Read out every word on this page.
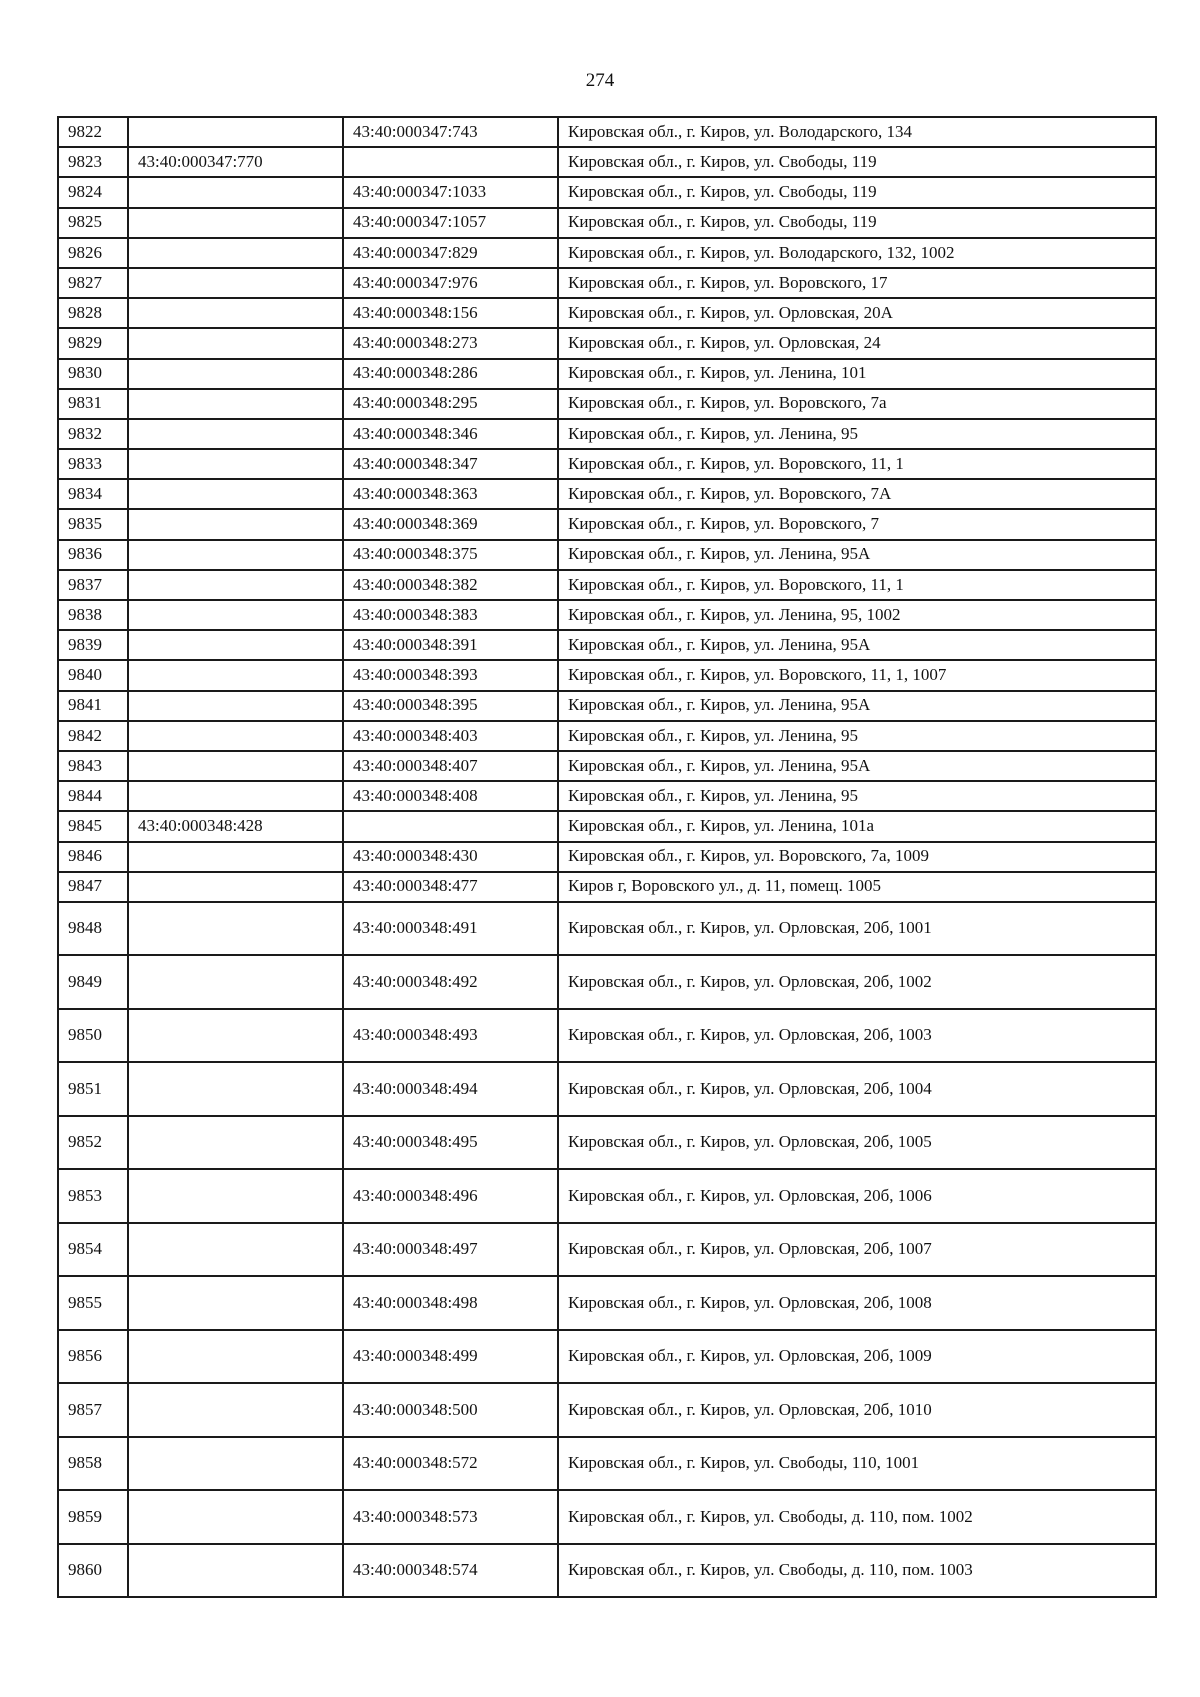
274
9822		43:40:000347:743	Кировская обл., г. Киров, ул. Володарского, 134
9823	43:40:000347:770		Кировская обл., г. Киров, ул. Свободы, 119
9824		43:40:000347:1033	Кировская обл., г. Киров, ул. Свободы, 119
9825		43:40:000347:1057	Кировская обл., г. Киров, ул. Свободы, 119
9826		43:40:000347:829	Кировская обл., г. Киров, ул. Володарского, 132, 1002
9827		43:40:000347:976	Кировская обл., г. Киров, ул. Воровского, 17
9828		43:40:000348:156	Кировская обл., г. Киров, ул. Орловская, 20А
9829		43:40:000348:273	Кировская обл., г. Киров, ул. Орловская, 24
9830		43:40:000348:286	Кировская обл., г. Киров, ул. Ленина, 101
9831		43:40:000348:295	Кировская обл., г. Киров, ул. Воровского, 7а
9832		43:40:000348:346	Кировская обл., г. Киров, ул. Ленина, 95
9833		43:40:000348:347	Кировская обл., г. Киров, ул. Воровского, 11, 1
9834		43:40:000348:363	Кировская обл., г. Киров, ул. Воровского, 7А
9835		43:40:000348:369	Кировская обл., г. Киров, ул. Воровского, 7
9836		43:40:000348:375	Кировская обл., г. Киров, ул. Ленина, 95А
9837		43:40:000348:382	Кировская обл., г. Киров, ул. Воровского, 11, 1
9838		43:40:000348:383	Кировская обл., г. Киров, ул. Ленина, 95, 1002
9839		43:40:000348:391	Кировская обл., г. Киров, ул. Ленина, 95А
9840		43:40:000348:393	Кировская обл., г. Киров, ул. Воровского, 11, 1, 1007
9841		43:40:000348:395	Кировская обл., г. Киров, ул. Ленина, 95А
9842		43:40:000348:403	Кировская обл., г. Киров, ул. Ленина, 95
9843		43:40:000348:407	Кировская обл., г. Киров, ул. Ленина, 95А
9844		43:40:000348:408	Кировская обл., г. Киров, ул. Ленина, 95
9845	43:40:000348:428		Кировская обл., г. Киров, ул. Ленина, 101а
9846		43:40:000348:430	Кировская обл., г. Киров, ул. Воровского, 7а, 1009
9847		43:40:000348:477	Киров г, Воровского ул., д. 11, помещ. 1005
9848		43:40:000348:491	Кировская обл., г. Киров, ул. Орловская, 20б, 1001
9849		43:40:000348:492	Кировская обл., г. Киров, ул. Орловская, 20б, 1002
9850		43:40:000348:493	Кировская обл., г. Киров, ул. Орловская, 20б, 1003
9851		43:40:000348:494	Кировская обл., г. Киров, ул. Орловская, 20б, 1004
9852		43:40:000348:495	Кировская обл., г. Киров, ул. Орловская, 20б, 1005
9853		43:40:000348:496	Кировская обл., г. Киров, ул. Орловская, 20б, 1006
9854		43:40:000348:497	Кировская обл., г. Киров, ул. Орловская, 20б, 1007
9855		43:40:000348:498	Кировская обл., г. Киров, ул. Орловская, 20б, 1008
9856		43:40:000348:499	Кировская обл., г. Киров, ул. Орловская, 20б, 1009
9857		43:40:000348:500	Кировская обл., г. Киров, ул. Орловская, 20б, 1010
9858		43:40:000348:572	Кировская обл., г. Киров, ул. Свободы, 110, 1001
9859		43:40:000348:573	Кировская обл., г. Киров, ул. Свободы, д. 110, пом. 1002
9860		43:40:000348:574	Кировская обл., г. Киров, ул. Свободы, д. 110, пом. 1003
